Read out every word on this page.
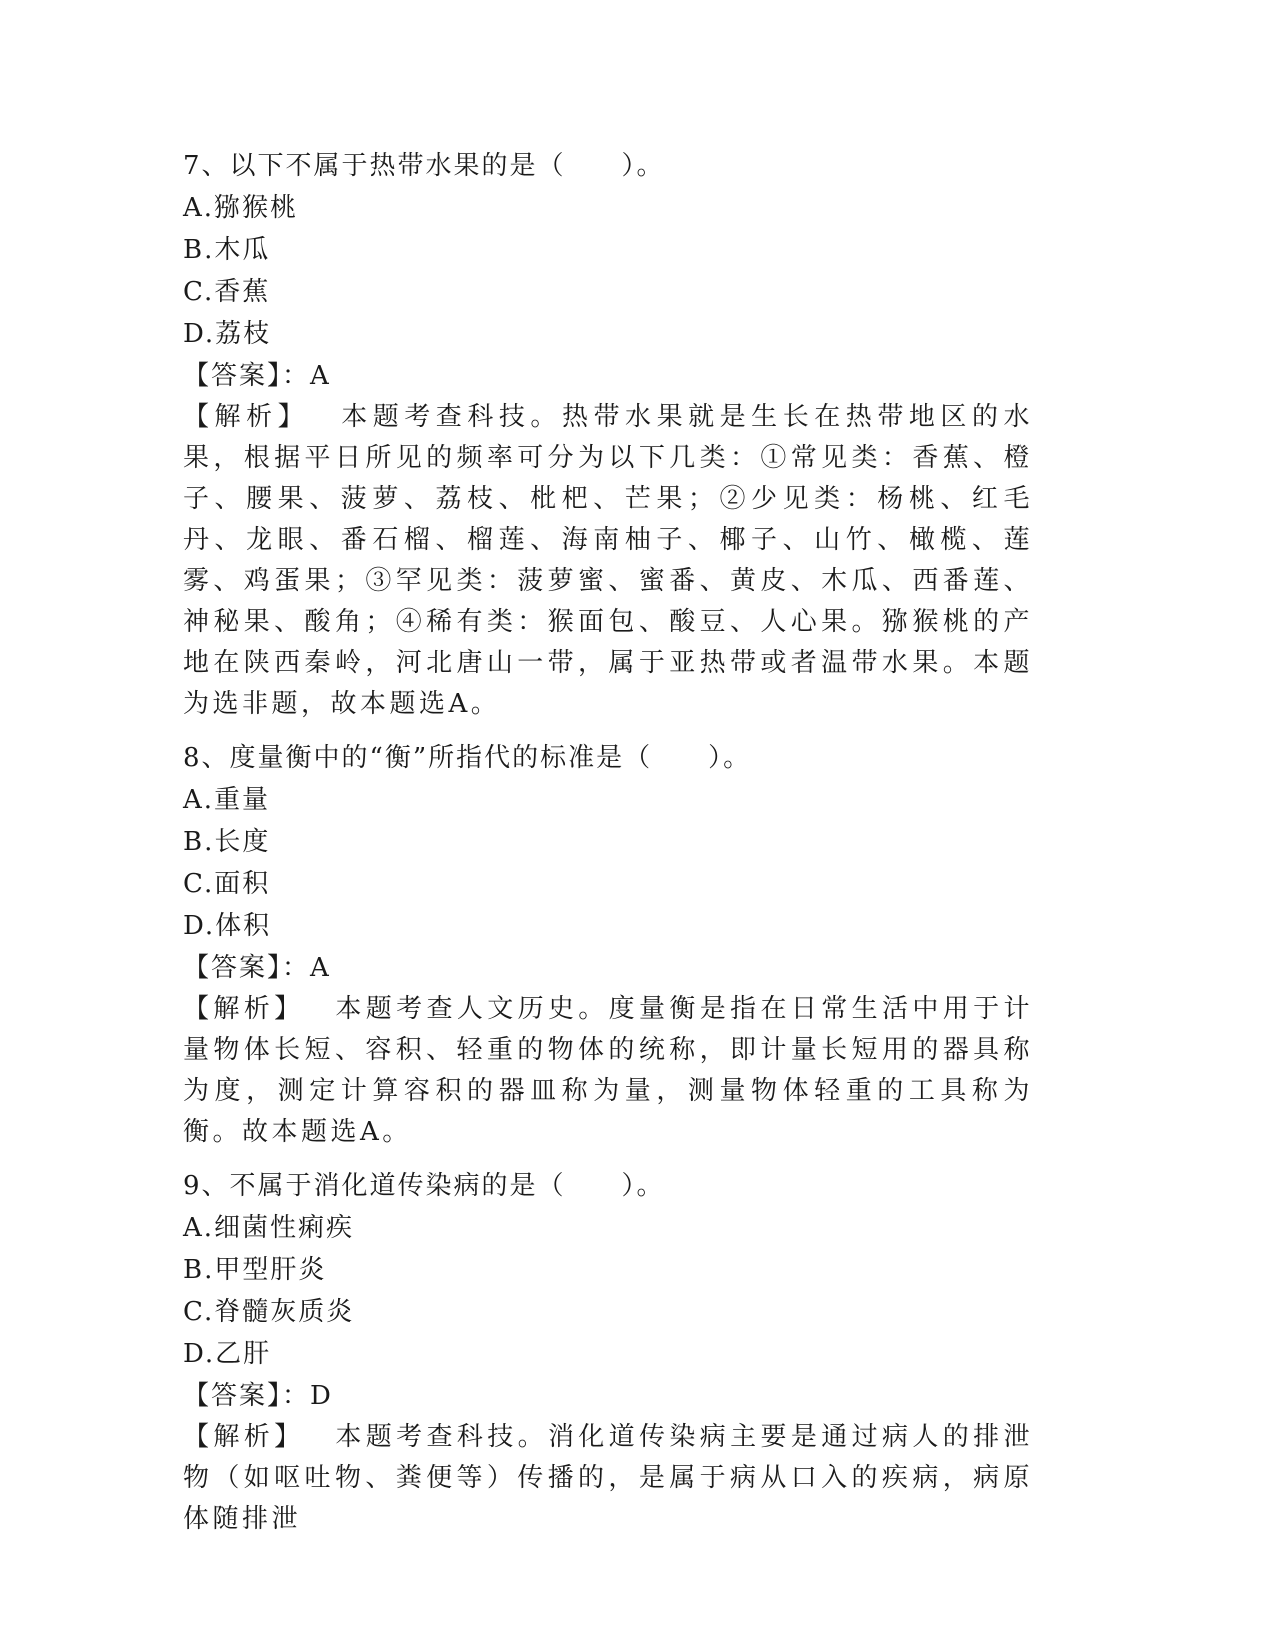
7、以下不属于热带水果的是（　　）。
A.猕猴桃
B.木瓜
C.香蕉
D.荔枝
【答案】：A

【解析】 本题考查科技。热带水果就是生长在热带地区的水果，根据平日所见的频率可分为以下几类：①常见类：香蕉、橙子、腰果、菠萝、荔枝、枇杷、芒果；②少见类：杨桃、红毛丹、龙眼、番石榴、榴莲、海南柚子、椰子、山竹、橄榄、莲雾、鸡蛋果；③罕见类：菠萝蜜、蜜番、黄皮、木瓜、西番莲、神秘果、酸角；④稀有类：猴面包、酸豆、人心果。猕猴桃的产地在陕西秦岭，河北唐山一带，属于亚热带或者温带水果。本题为选非题，故本题选A。

8、度量衡中的“衡”所指代的标准是（　　）。
A.重量
B.长度
C.面积
D.体积
【答案】：A

【解析】 本题考查人文历史。度量衡是指在日常生活中用于计量物体长短、容积、轻重的物体的统称，即计量长短用的器具称为度，测定计算容积的器皿称为量，测量物体轻重的工具称为衡。故本题选A。

9、不属于消化道传染病的是（　　）。
A.细菌性痢疾
B.甲型肝炎
C.脊髓灰质炎
D.乙肝
【答案】：D

【解析】 本题考查科技。消化道传染病主要是通过病人的排泄物（如呕吐物、粪便等）传播的，是属于病从口入的疾病，病原体随排泄
